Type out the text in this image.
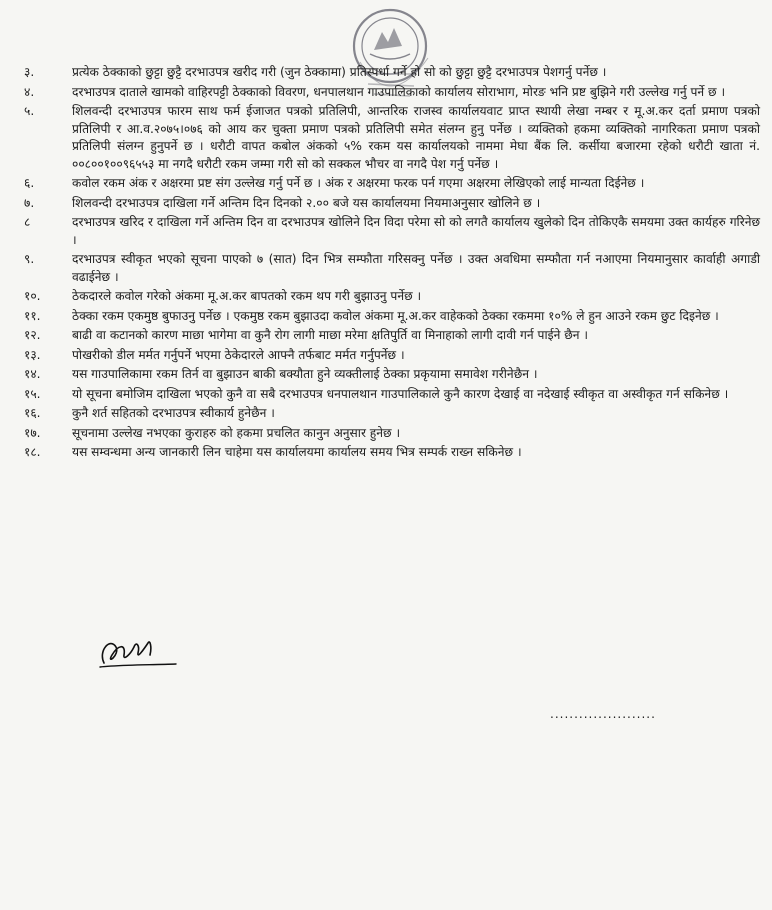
३.	प्रत्येक ठेक्काको छुट्टा छुट्टै दरभाउपत्र खरीद गरी (जुन ठेक्कामा) प्रतिस्पर्धा गर्ने हो सो को छुट्टा छुट्टै दरभाउपत्र पेशगर्नु पर्नेछ ।
४.	दरभाउपत्र दाताले खामको वाहिरपट्टी ठेक्काको विवरण, धनपालथान गाउपालिकाको कार्यालय सोराभाग, मोरङ भनि प्रष्ट बुझिने गरी उल्लेख गर्नु पर्ने छ ।
५.	शिलवन्दी दरभाउपत्र फारम साथ फर्म ईजाजत पत्रको प्रतिलिपी, आन्तरिक राजस्व कार्यालयवाट प्राप्त स्थायी लेखा नम्बर र मू.अ.कर दर्ता प्रमाण पत्रको प्रतिलिपी र आ.व.२०७५।०७६ को आय कर चुक्ता प्रमाण पत्रको प्रतिलिपी समेत संलग्न हुनु पर्नेछ । व्यक्तिको हकमा व्यक्तिको नागरिकता प्रमाण पत्रको प्रतिलिपी संलग्न हुनुपर्ने छ । धरौटी वापत कबोल अंकको ५% रकम यस कार्यालयको नाममा मेघा बैंक लि. कर्सीया बजारमा रहेको धरौटी खाता नं. ००८००१००९६५५३ मा नगदै धरौटी रकम जम्मा गरी सो को सक्कल भौचर वा नगदै पेश गर्नु पर्नेछ ।
६.	कवोल रकम अंक र अक्षरमा प्रष्ट संग उल्लेख गर्नु पर्ने छ । अंक र अक्षरमा फरक पर्न गएमा अक्षरमा लेखिएको लाई मान्यता दिईनेछ ।
७.	शिलवन्दी दरभाउपत्र दाखिला गर्ने अन्तिम दिन दिनको २.०० बजे यस कार्यालयमा नियमाअनुसार खोलिने छ ।
८	दरभाउपत्र खरिद र दाखिला गर्ने अन्तिम दिन वा दरभाउपत्र खोलिने दिन विदा परेमा सो को लगतै कार्यालय खुलेको दिन तोकिएकै समयमा उक्त कार्यहरु गरिनेछ ।
९.	दरभाउपत्र स्वीकृत भएको सूचना पाएको ७ (सात) दिन भित्र सम्फौता गरिसक्नु पर्नेछ । उक्त अवधिमा सम्फौता गर्न नआएमा नियमानुसार कार्वाही अगाडी वढाईनेछ ।
१०.	ठेकदारले कवोल गरेको अंकमा मू.अ.कर बापतको रकम थप गरी बुझाउनु पर्नेछ ।
११.	ठेक्का रकम एकमुष्ठ बुफाउनु पर्नेछ । एकमुष्ठ रकम बुझाउदा कवोल अंकमा मू.अ.कर वाहेकको ठेक्का रकममा १०% ले हुन आउने रकम छुट दिइनेछ ।
१२.	बाढी वा कटानको कारण माछा भागेमा वा कुनै रोग लागी माछा मरेमा क्षतिपुर्ति वा मिनाहाको लागी दावी गर्न पाईने छैन ।
१३.	पोखरीको डील मर्मत गर्नुपर्ने भएमा ठेकेदारले आफ्नै तर्फबाट मर्मत गर्नुपर्नेछ ।
१४.	यस गाउपालिकामा रकम तिर्न वा बुझाउन बाकी बक्यौता हुने व्यक्तीलाई ठेक्का प्रकृयामा समावेश गरीनेछैन ।
१५.	यो सूचना बमोजिम दाखिला भएको कुनै वा सबै दरभाउपत्र धनपालथान गाउपालिकाले कुनै कारण देखाई वा नदेखाई स्वीकृत वा अस्वीकृत गर्न सकिनेछ ।
१६.	कुनै शर्त सहितको दरभाउपत्र स्वीकार्य हुनेछैन ।
१७.	सूचनामा उल्लेख नभएका कुराहरु को हकमा प्रचलित कानुन अनुसार हुनेछ ।
१८.	यस सम्वन्धमा अन्य जानकारी लिन चाहेमा यस कार्यालयमा कार्यालय समय भित्र सम्पर्क राख्न सकिनेछ ।
......................
